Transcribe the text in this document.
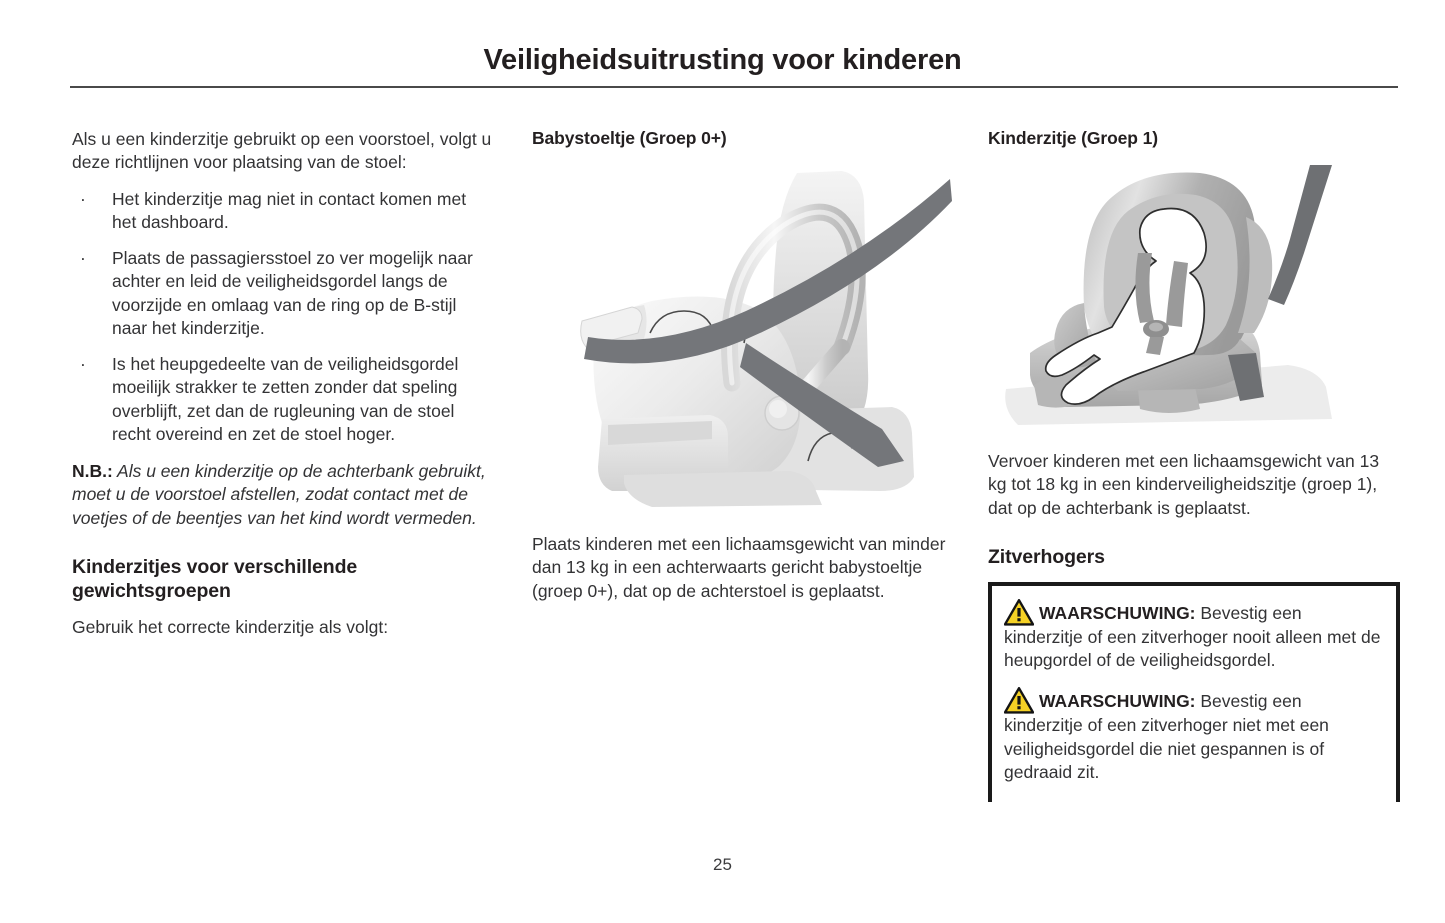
Veiligheidsuitrusting voor kinderen

Als u een kinderzitje gebruikt op een voorstoel, volgt u deze richtlijnen voor plaatsing van de stoel:

· Het kinderzitje mag niet in contact komen met het dashboard.
· Plaats de passagiersstoel zo ver mogelijk naar achter en leid de veiligheidsgordel langs de voorzijde en omlaag van de ring op de B-stijl naar het kinderzitje.
· Is het heupgedeelte van de veiligheidsgordel moeilijk strakker te zetten zonder dat speling overblijft, zet dan de rugleuning van de stoel recht overeind en zet de stoel hoger.

N.B.: Als u een kinderzitje op de achterbank gebruikt, moet u de voorstoel afstellen, zodat contact met de voetjes of de beentjes van het kind wordt vermeden.

Kinderzitjes voor verschillende gewichtsgroepen

Gebruik het correcte kinderzitje als volgt:

Babystoeltje (Groep 0+)

Plaats kinderen met een lichaamsgewicht van minder dan 13 kg in een achterwaarts gericht babystoeltje (groep 0+), dat op de achterstoel is geplaatst.

Kinderzitje (Groep 1)

Vervoer kinderen met een lichaamsgewicht van 13 kg tot 18 kg in een kinderveiligheidszitje (groep 1), dat op de achterbank is geplaatst.

Zitverhogers

WAARSCHUWING: Bevestig een kinderzitje of een zitverhoger nooit alleen met de heupgordel of de veiligheidsgordel.

WAARSCHUWING: Bevestig een kinderzitje of een zitverhoger niet met een veiligheidsgordel die niet gespannen is of gedraaid zit.

25
